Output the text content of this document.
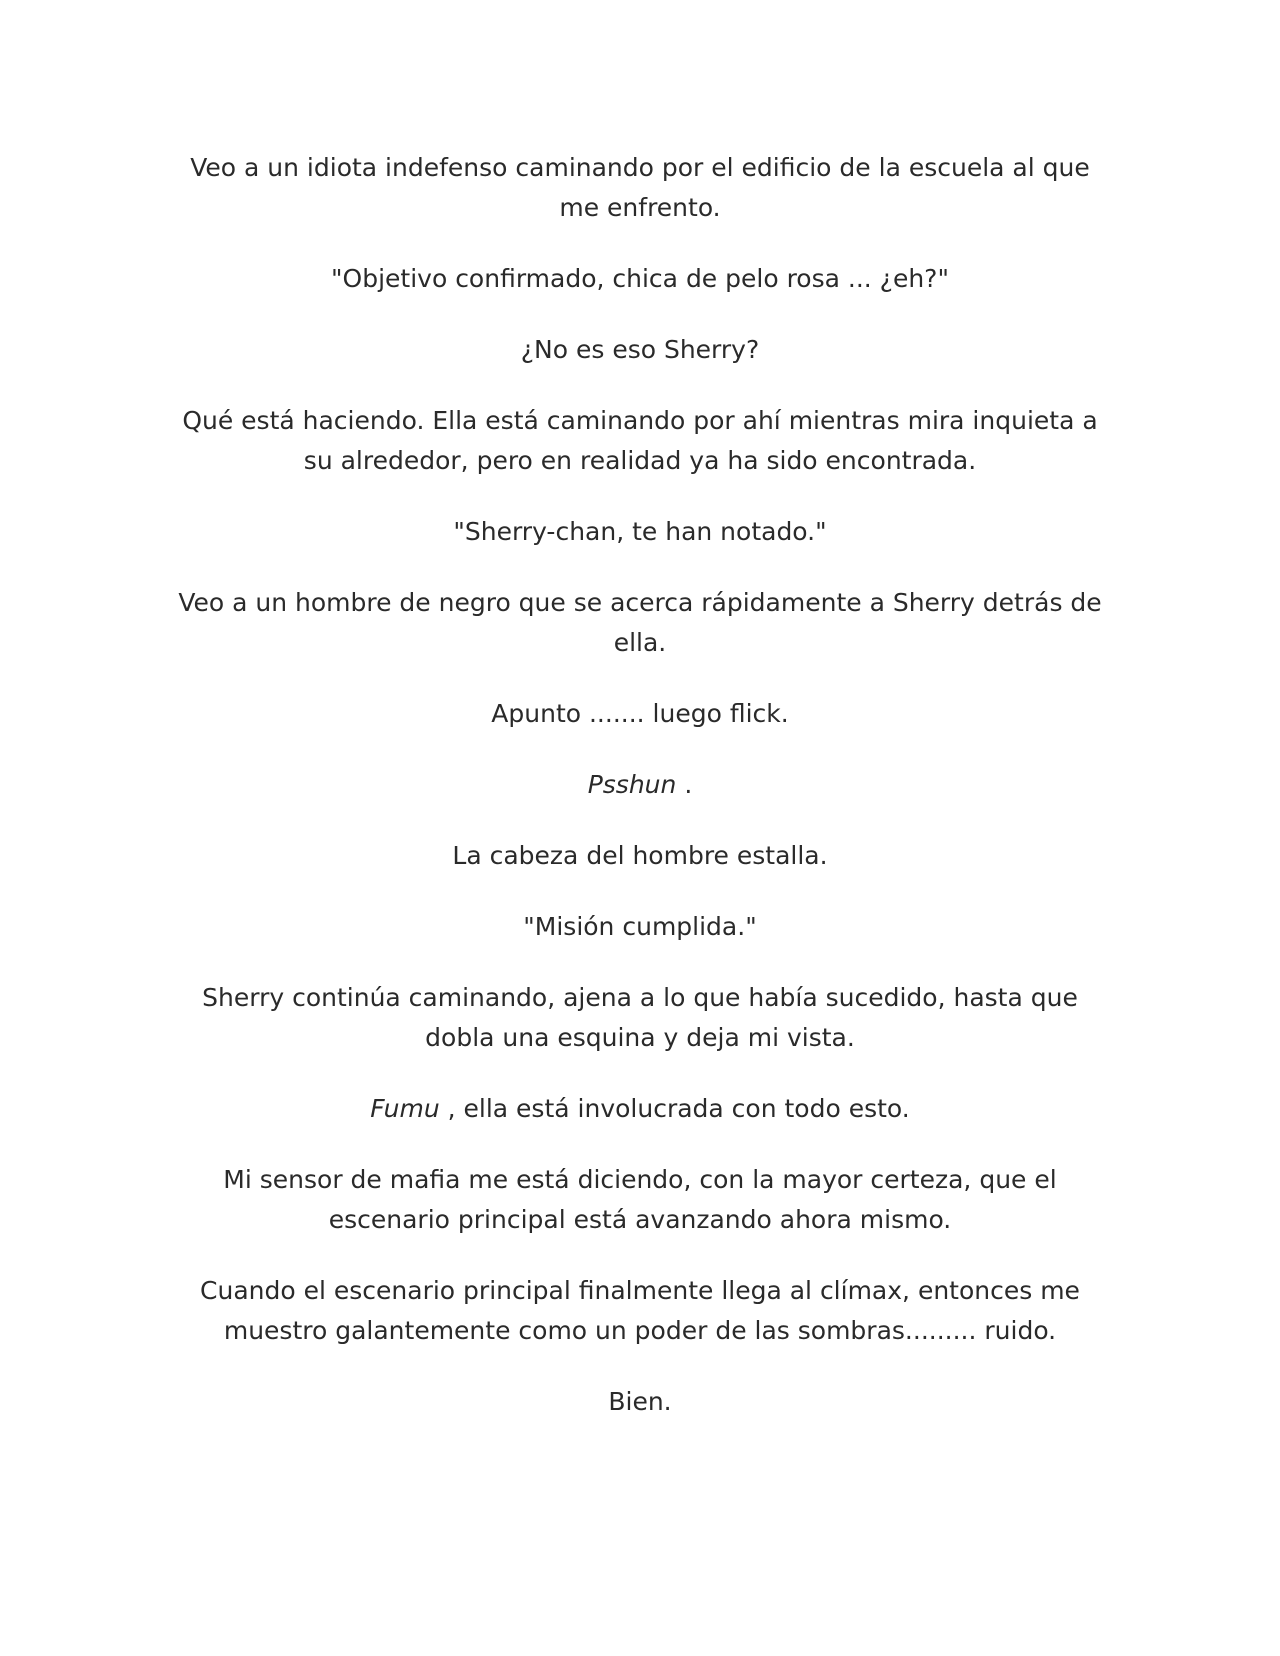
Veo a un idiota indefenso caminando por el edificio de la escuela al que me enfrento.

"Objetivo confirmado, chica de pelo rosa ... ¿eh?"

¿No es eso Sherry?

Qué está haciendo. Ella está caminando por ahí mientras mira inquieta a su alrededor, pero en realidad ya ha sido encontrada.

"Sherry-chan, te han notado."

Veo a un hombre de negro que se acerca rápidamente a Sherry detrás de ella.

Apunto ....... luego flick.

Psshun .

La cabeza del hombre estalla.

"Misión cumplida."

Sherry continúa caminando, ajena a lo que había sucedido, hasta que dobla una esquina y deja mi vista.

Fumu , ella está involucrada con todo esto.

Mi sensor de mafia me está diciendo, con la mayor certeza, que el escenario principal está avanzando ahora mismo.

Cuando el escenario principal finalmente llega al clímax, entonces me muestro galantemente como un poder de las sombras......... ruido.

Bien.
